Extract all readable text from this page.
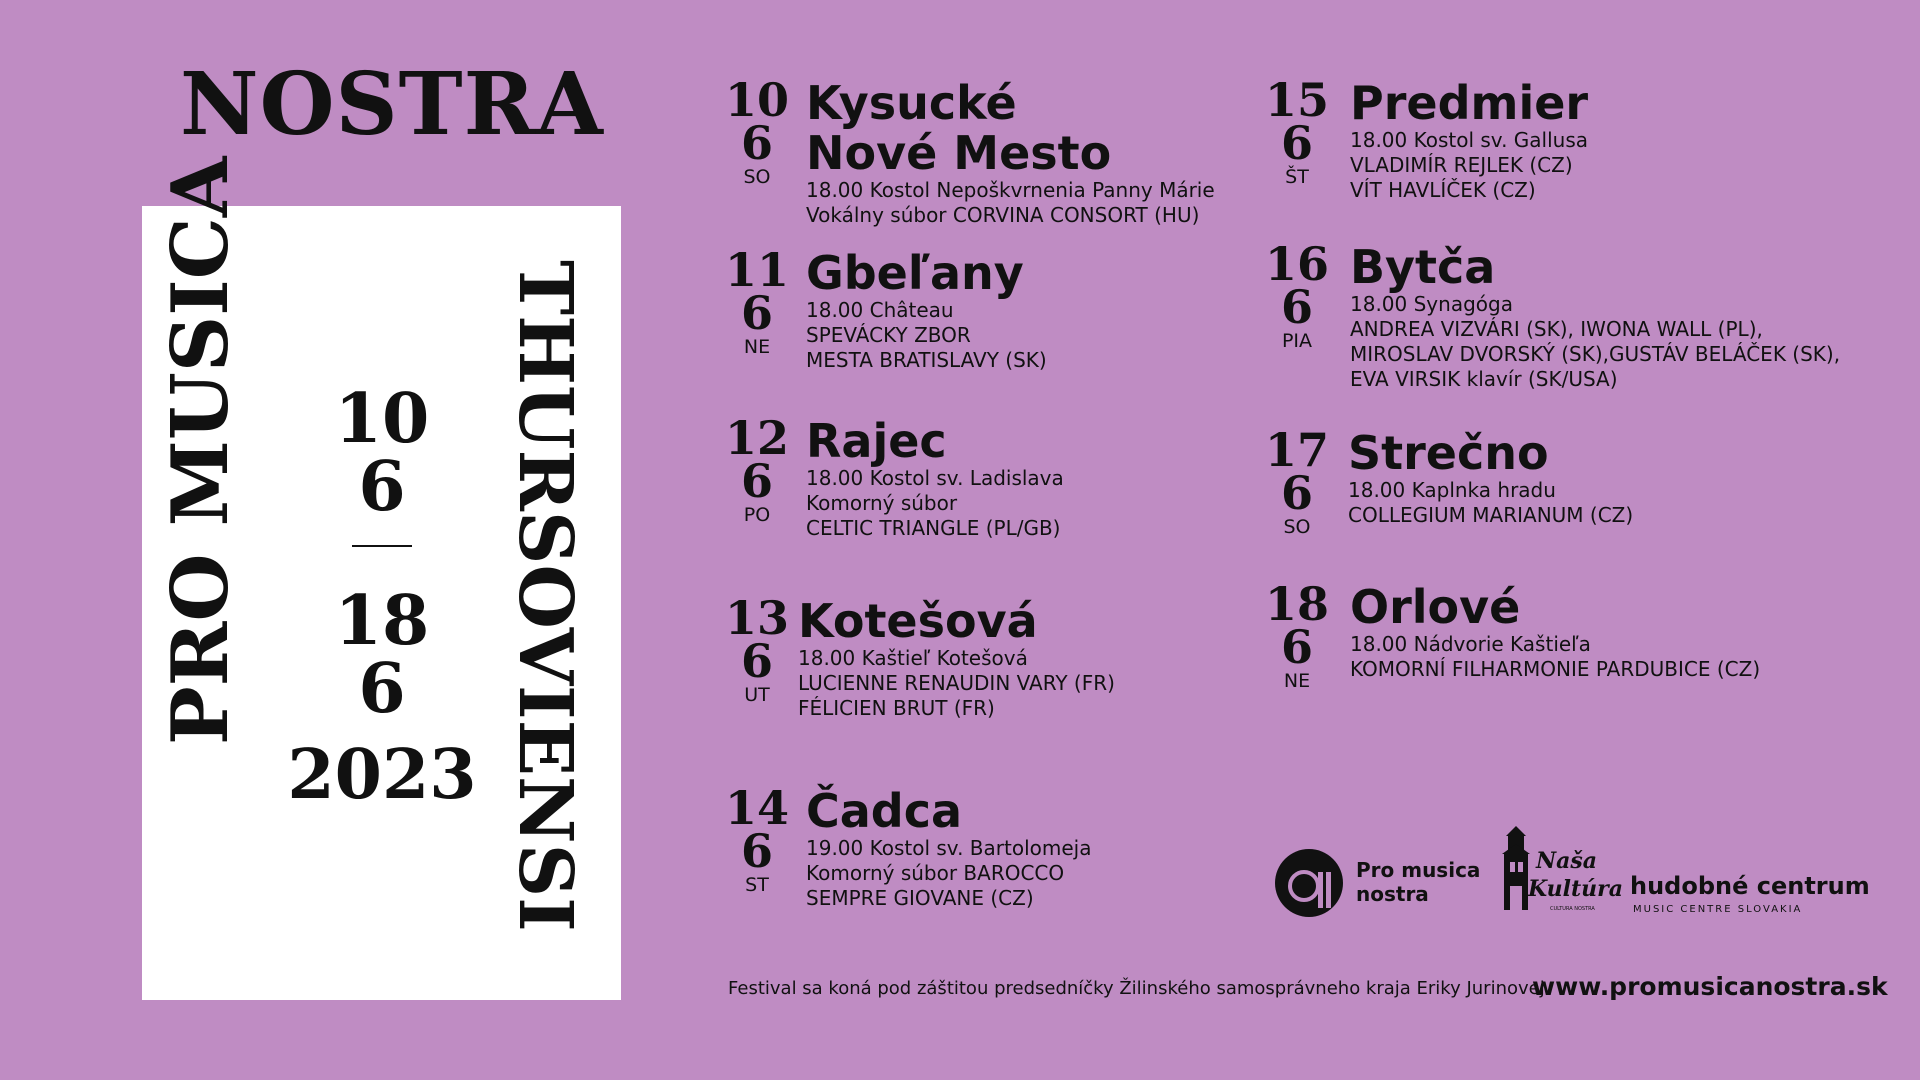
NOSTRA
PRO MUSICA	THURSOVIENSI
10
6
18
6
2023
10
6
SO
Kysucké
Nové Mesto
18.00 Kostol Nepoškvrnenia Panny Márie
Vokálny súbor CORVINA CONSORT (HU)
11
6
NE
Gbeľany
18.00 Château
SPEVÁCKY ZBOR
MESTA BRATISLAVY (SK)
12
6
PO
Rajec
18.00 Kostol sv. Ladislava
Komorný súbor
CELTIC TRIANGLE (PL/GB)
13
6
UT
Kotešová
18.00 Kaštieľ Kotešová
LUCIENNE RENAUDIN VARY (FR)
FÉLICIEN BRUT (FR)
14
6
ST
Čadca
19.00 Kostol sv. Bartolomeja
Komorný súbor BAROCCO
SEMPRE GIOVANE (CZ)
15
6
ŠT
Predmier
18.00 Kostol sv. Gallusa
VLADIMÍR REJLEK (CZ)
VÍT HAVLÍČEK (CZ)
16
6
PIA
Bytča
18.00 Synagóga
ANDREA VIZVÁRI (SK), IWONA WALL (PL),
MIROSLAV DVORSKÝ (SK),GUSTÁV BELÁČEK (SK),
EVA VIRSIK klavír (SK/USA)
17
6
SO
Strečno
18.00 Kaplnka hradu
COLLEGIUM MARIANUM (CZ)
18
6
NE
Orlové
18.00 Nádvorie Kaštieľa
KOMORNÍ FILHARMONIE PARDUBICE (CZ)
Pro musica
nostra
Naša
Kultúra
CULTURA NOSTRA
hudobné centrum
MUSIC CENTRE SLOVAKIA
Festival sa koná pod záštitou predsedníčky Žilinského samosprávneho kraja Eriky Jurinovej.
www.promusicanostra.sk
